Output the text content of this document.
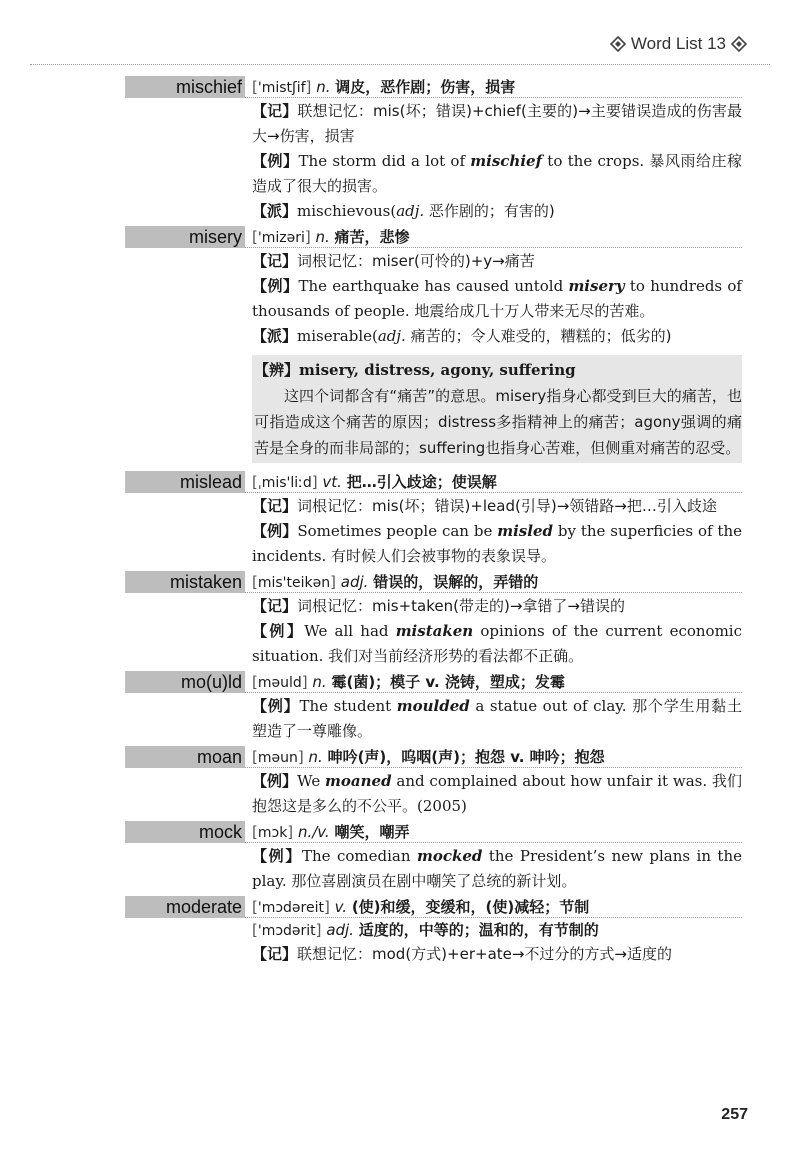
Word List 13
mischief ['mistʃif] n. 调皮，恶作剧；伤害，损害
【记】联想记忆：mis(坏；错误)+chief(主要的)→主要错误造成的伤害最大→伤害，损害
【例】The storm did a lot of mischief to the crops. 暴风雨给庄稼造成了很大的损害。
【派】mischievous(adj. 恶作剧的；有害的)
misery ['mizəri] n. 痛苦，悲惨
【记】词根记忆：miser(可怜的)+y→痛苦
【例】The earthquake has caused untold misery to hundreds of thousands of people. 地震给成几十万人带来无尽的苦难。
【派】miserable(adj. 痛苦的；令人难受的，糟糕的；低劣的)
【辨】misery, distress, agony, suffering
这四个词都含有“痛苦”的意思。misery指身心都受到巨大的痛苦，也可指造成这个痛苦的原因；distress多指精神上的痛苦；agony强调的痛苦是全身的而非局部的；suffering也指身心苦难，但侧重对痛苦的忍受。
mislead [ˌmis'liːd] vt. 把…引入歧途；使误解
【记】词根记忆：mis(坏；错误)+lead(引导)→领错路→把…引入歧途
【例】Sometimes people can be misled by the superficies of the incidents. 有时候人们会被事物的表象误导。
mistaken [mis'teikən] adj. 错误的，误解的，弄错的
【记】词根记忆：mis+taken(带走的)→拿错了→错误的
【例】We all had mistaken opinions of the current economic situation. 我们对当前经济形势的看法都不正确。
mo(u)ld [məuld] n. 霉(菌)；模子 v. 浇铸，塑成；发霉
【例】The student moulded a statue out of clay. 那个学生用黏土塑造了一尊雕像。
moan [məun] n. 呻吟(声)，呜咽(声)；抱怨 v. 呻吟；抱怨
【例】We moaned and complained about how unfair it was. 我们抱怨这是多么的不公平。(2005)
mock [mɔk] n./v. 嘲笑，嘲弄
【例】The comedian mocked the President’s new plans in the play. 那位喜剧演员在剧中嘲笑了总统的新计划。
moderate ['mɔdəreit] v. (使)和缓，变缓和，(使)减轻；节制
['mɔdərit] adj. 适度的，中等的；温和的，有节制的
【记】联想记忆：mod(方式)+er+ate→不过分的方式→适度的
257
